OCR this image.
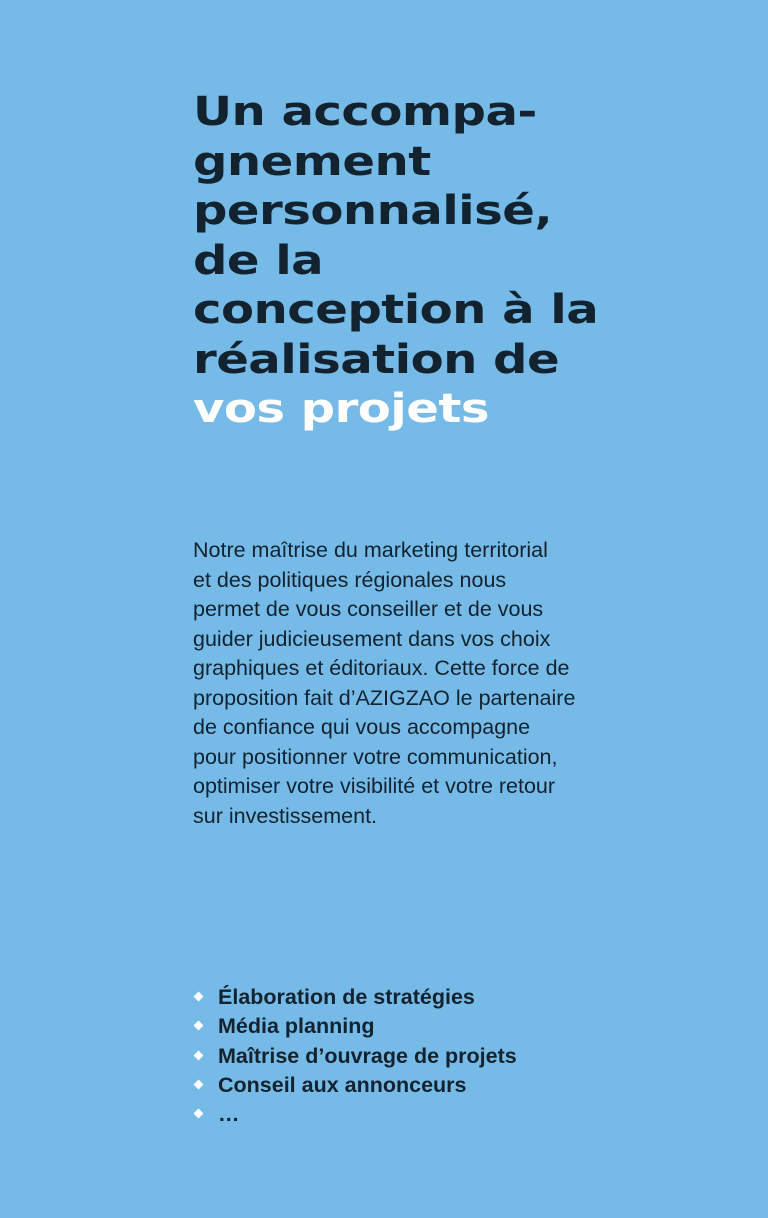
Un accompa-
gnement
personnalisé,
de la
conception à la
réalisation de
vos projets

Notre maîtrise du marketing territorial
et des politiques régionales nous
permet de vous conseiller et de vous
guider judicieusement dans vos choix
graphiques et éditoriaux. Cette force de
proposition fait d’AZIGZAO le partenaire
de confiance qui vous accompagne
pour positionner votre communication,
optimiser votre visibilité et votre retour
sur investissement.

Élaboration de stratégies
Média planning
Maîtrise d’ouvrage de projets
Conseil aux annonceurs
…
